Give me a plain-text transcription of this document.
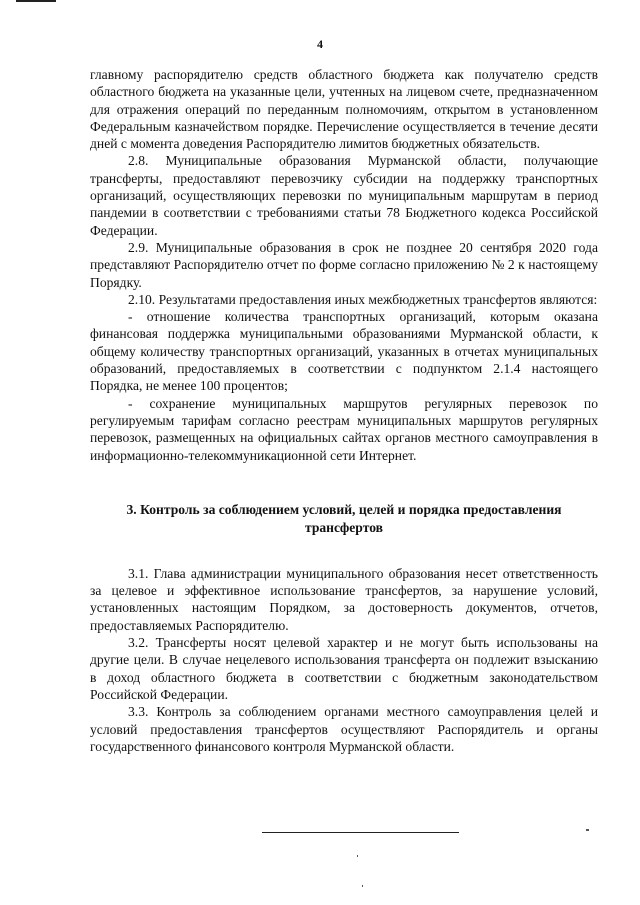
4

главному распорядителю средств областного бюджета как получателю средств областного бюджета на указанные цели, учтенных на лицевом счете, предназначенном для отражения операций по переданным полномочиям, открытом в установленном Федеральным казначейством порядке. Перечисление осуществляется в течение десяти дней с момента доведения Распорядителю лимитов бюджетных обязательств.

2.8. Муниципальные образования Мурманской области, получающие трансферты, предоставляют перевозчику субсидии на поддержку транспортных организаций, осуществляющих перевозки по муниципальным маршрутам в период пандемии в соответствии с требованиями статьи 78 Бюджетного кодекса Российской Федерации.

2.9. Муниципальные образования в срок не позднее 20 сентября 2020 года представляют Распорядителю отчет по форме согласно приложению № 2 к настоящему Порядку.

2.10. Результатами предоставления иных межбюджетных трансфертов являются:

- отношение количества транспортных организаций, которым оказана финансовая поддержка муниципальными образованиями Мурманской области, к общему количеству транспортных организаций, указанных в отчетах муниципальных образований, предоставляемых в соответствии с подпунктом 2.1.4 настоящего Порядка, не менее 100 процентов;

- сохранение муниципальных маршрутов регулярных перевозок по регулируемым тарифам согласно реестрам муниципальных маршрутов регулярных перевозок, размещенных на официальных сайтах органов местного самоуправления в информационно-телекоммуникационной сети Интернет.

3. Контроль за соблюдением условий, целей и порядка предоставления трансфертов

3.1. Глава администрации муниципального образования несет ответственность за целевое и эффективное использование трансфертов, за нарушение условий, установленных настоящим Порядком, за достоверность документов, отчетов, предоставляемых Распорядителю.

3.2. Трансферты носят целевой характер и не могут быть использованы на другие цели. В случае нецелевого использования трансферта он подлежит взысканию в доход областного бюджета в соответствии с бюджетным законодательством Российской Федерации.

3.3. Контроль за соблюдением органами местного самоуправления целей и условий предоставления трансфертов осуществляют Распорядитель и органы государственного финансового контроля Мурманской области.
